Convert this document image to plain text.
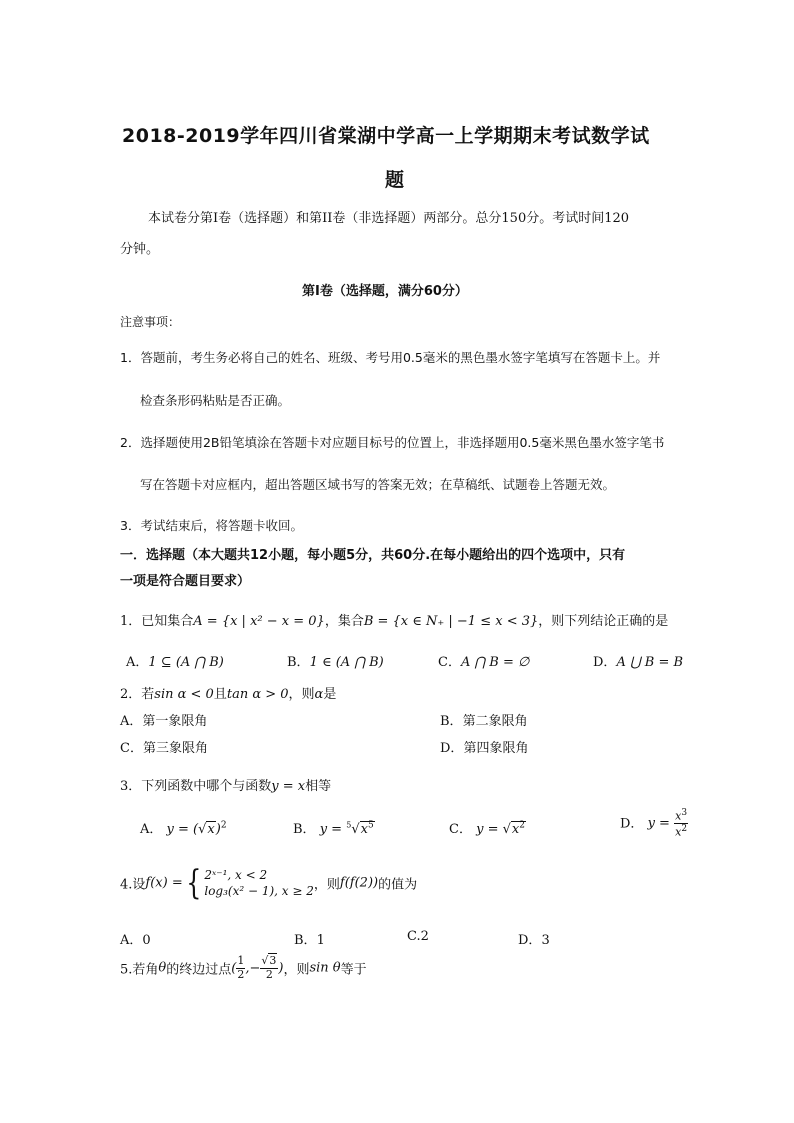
2018-2019学年四川省棠湖中学高一上学期期末考试数学试
题
本试卷分第Ⅰ卷（选择题）和第II卷（非选择题）两部分。总分150分。考试时间120
分钟。
第Ⅰ卷（选择题，满分60分）
注意事项：
1．答题前，考生务必将自己的姓名、班级、考号用0.5毫米的黑色墨水签字笔填写在答题卡上。并
检查条形码粘贴是否正确。
2．选择题使用2B铅笔填涂在答题卡对应题目标号的位置上，非选择题用0.5毫米黑色墨水签字笔书
写在答题卡对应框内，超出答题区域书写的答案无效；在草稿纸、试题卷上答题无效。
3．考试结束后，将答题卡收回。
一．选择题（本大题共12小题，每小题5分，共60分.在每小题给出的四个选项中，只有
一项是符合题目要求）
1．已知集合A = {x | x² − x = 0}，集合B = {x ∈ N₊ | −1 ≤ x < 3}，则下列结论正确的是
A．1 ⊆ (A ⋂ B)	B．1 ∈ (A ⋂ B)	C．A ⋂ B = ∅	D．A ⋃ B = B
2．若sin α < 0且tan α > 0，则α是
A．第一象限角	B．第二象限角
C．第三象限角	D．第四象限角
3．下列函数中哪个与函数y = x相等
A． $y = (√x)^2$	B． $y = ^5√x^5$	C． $y = √x^2$	D． $y = \frac{x^3}{x^2}$
4.设f(x) ={ 2ˣ⁻¹, x < 2
log₃(x² − 1), x ≥ 2 ，则f(f(2))的值为
A．0	B．1	C.2	D．3
5.若角θ的终边过点( $\frac{1}{2}$ ,− $\frac{√3}{2}$ )，则sin θ等于
